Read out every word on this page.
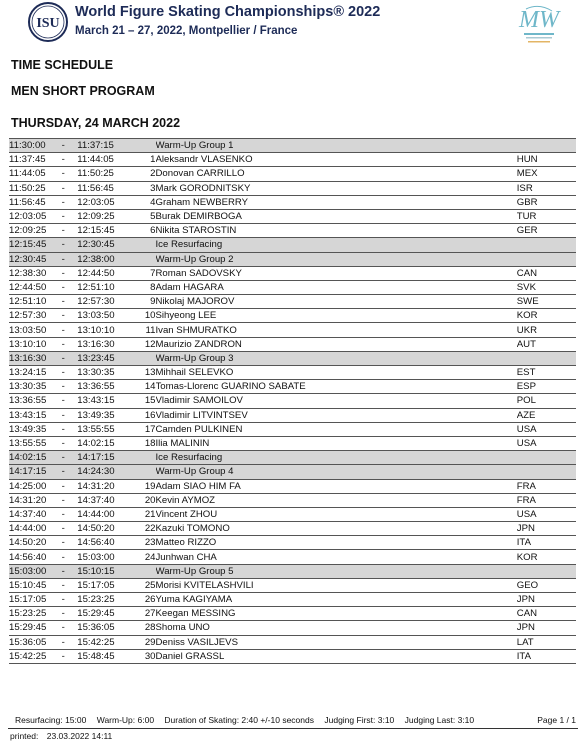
ISU
World Figure Skating Championships® 2022
March 21 – 27, 2022, Montpellier / France	MW
TIME SCHEDULE
MEN SHORT PROGRAM
THURSDAY, 24 MARCH 2022
11:30:00	-	11:37:15		Warm-Up Group 1	
11:37:45	-	11:44:05	1	Aleksandr VLASENKO	HUN
11:44:05	-	11:50:25	2	Donovan CARRILLO	MEX
11:50:25	-	11:56:45	3	Mark GORODNITSKY	ISR
11:56:45	-	12:03:05	4	Graham NEWBERRY	GBR
12:03:05	-	12:09:25	5	Burak DEMIRBOGA	TUR
12:09:25	-	12:15:45	6	Nikita STAROSTIN	GER
12:15:45	-	12:30:45		Ice Resurfacing	
12:30:45	-	12:38:00		Warm-Up Group 2	
12:38:30	-	12:44:50	7	Roman SADOVSKY	CAN
12:44:50	-	12:51:10	8	Adam HAGARA	SVK
12:51:10	-	12:57:30	9	Nikolaj MAJOROV	SWE
12:57:30	-	13:03:50	10	Sihyeong LEE	KOR
13:03:50	-	13:10:10	11	Ivan SHMURATKO	UKR
13:10:10	-	13:16:30	12	Maurizio ZANDRON	AUT
13:16:30	-	13:23:45		Warm-Up Group 3	
13:24:15	-	13:30:35	13	Mihhail SELEVKO	EST
13:30:35	-	13:36:55	14	Tomas-Llorenc GUARINO SABATE	ESP
13:36:55	-	13:43:15	15	Vladimir SAMOILOV	POL
13:43:15	-	13:49:35	16	Vladimir LITVINTSEV	AZE
13:49:35	-	13:55:55	17	Camden PULKINEN	USA
13:55:55	-	14:02:15	18	Ilia MALININ	USA
14:02:15	-	14:17:15		Ice Resurfacing	
14:17:15	-	14:24:30		Warm-Up Group 4	
14:25:00	-	14:31:20	19	Adam SIAO HIM FA	FRA
14:31:20	-	14:37:40	20	Kevin AYMOZ	FRA
14:37:40	-	14:44:00	21	Vincent ZHOU	USA
14:44:00	-	14:50:20	22	Kazuki TOMONO	JPN
14:50:20	-	14:56:40	23	Matteo RIZZO	ITA
14:56:40	-	15:03:00	24	Junhwan CHA	KOR
15:03:00	-	15:10:15		Warm-Up Group 5	
15:10:45	-	15:17:05	25	Morisi KVITELASHVILI	GEO
15:17:05	-	15:23:25	26	Yuma KAGIYAMA	JPN
15:23:25	-	15:29:45	27	Keegan MESSING	CAN
15:29:45	-	15:36:05	28	Shoma UNO	JPN
15:36:05	-	15:42:25	29	Deniss VASILJEVS	LAT
15:42:25	-	15:48:45	30	Daniel GRASSL	ITA
Resurfacing: 15:00 Warm-Up: 6:00 Duration of Skating: 2:40 +/-10 seconds Judging First: 3:10 Judging Last: 3:10	Page 1 / 1
printed: 23.03.2022 14:11
